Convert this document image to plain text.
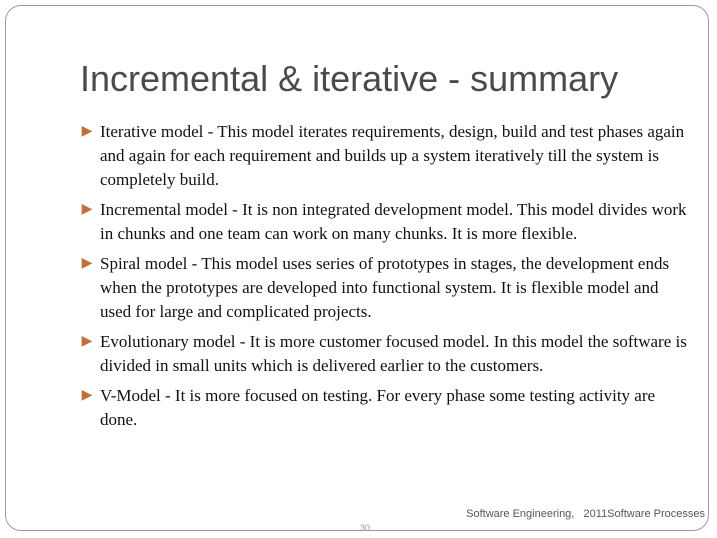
Incremental & iterative - summary
▶ Iterative model - This model iterates requirements, design, build and test phases again and again for each requirement and builds up a system iteratively till the system is completely build.
▶ Incremental model - It is non integrated development model. This model divides work in chunks and one team can work on many chunks. It is more flexible.
▶ Spiral model - This model uses series of prototypes in stages, the development ends when the prototypes are developed into functional system. It is flexible model and used for large and complicated projects.
▶ Evolutionary model - It is more customer focused model. In this model the software is divided in small units which is delivered earlier to the customers.
▶ V-Model - It is more focused on testing. For every phase some testing activity are done.
Software Engineering,   2011Software Processes
30
